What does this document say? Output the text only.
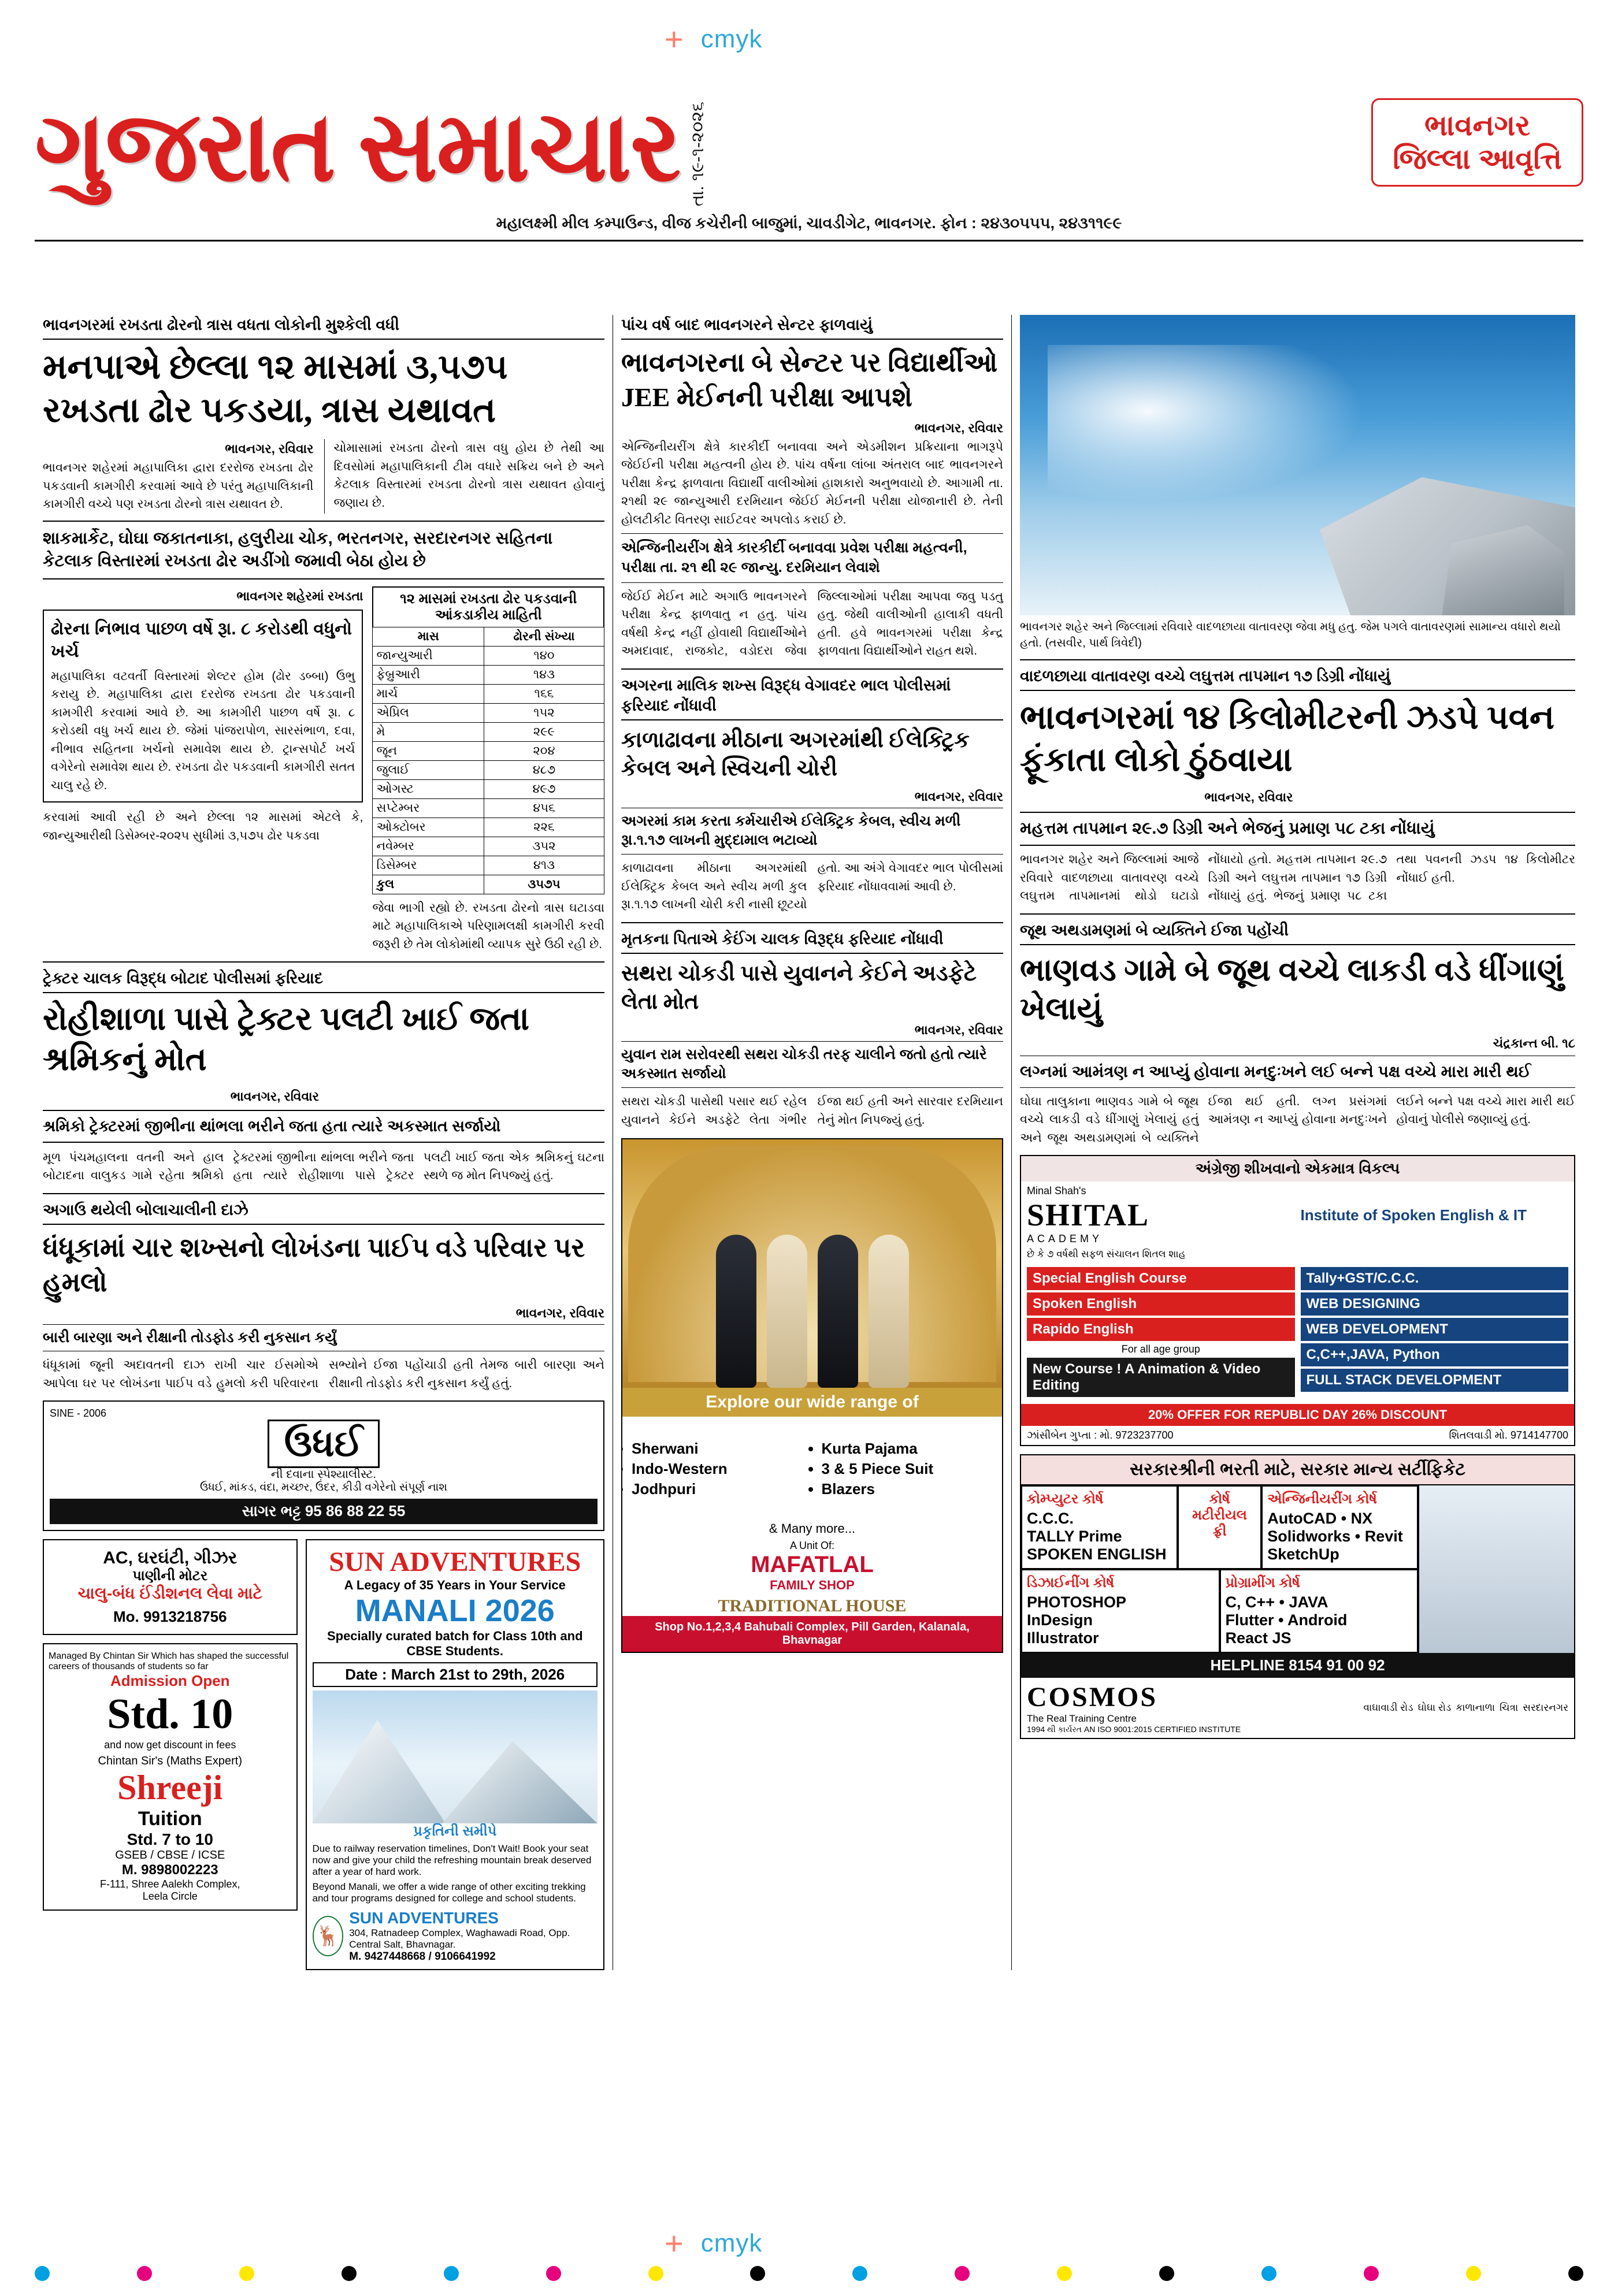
+ cmyk
+ cmyk
ગુજરાત સમાચાર તા. ૧૯-૧-૨૦૨૬	ભાવનગર
જિલ્લા આવૃત્તિ
મહાલક્ષ્મી મીલ કમ્પાઉન્ડ, વીજ કચેરીની બાજુમાં, ચાવડીગેટ, ભાવનગર. ફોન : ૨૪૩૦૫૫૫, ૨૪૩૧૧૯૯
ભાવનગરમાં રખડતા ઢોરનો ત્રાસ વધતા લોકોની મુશ્કેલી વધી
મનપાએ છેલ્લા ૧૨ માસમાં ૩,૫૭૫ રખડતા ઢોર પકડયા, ત્રાસ યથાવત
ભાવનગર, રવિવાર
ભાવનગર શહેરમાં મહાપાલિકા દ્વારા દરરોજ રખડતા ઢોર પકડવાની કામગીરી કરવામાં આવે છે પરંતુ મહાપાલિકાની કામગીરી વચ્ચે પણ રખડતા ઢોરનો ત્રાસ યથાવત છે.
ચોમાસામાં રખડતા ઢોરનો ત્રાસ વધુ હોય છે તેથી આ દિવસોમાં મહાપાલિકાની ટીમ વધારે સક્રિય બને છે અને કેટલાક વિસ્તારમાં રખડતા ઢોરનો ત્રાસ યથાવત હોવાનું જણાય છે.
શાકમાર્કેટ, ઘોઘા જકાતનાકા, હલુરીયા ચોક, ભરતનગર, સરદારનગર સહિતના કેટલાક વિસ્તારમાં રખડતા ઢોર અડીંગો જમાવી બેઠા હોય છે
ભાવનગર શહેરમાં રખડતા
ઢોરના નિભાવ પાછળ વર્ષે રૂા. ૮ કરોડથી વધુનો ખર્ચ
મહાપાલિકા વટવર્તી વિસ્તારમાં શેલ્ટર હોમ (ઢોર ડબ્બા) ઉભુ કરાયુ છે. મહાપાલિકા દ્વારા દરરોજ રખડતા ઢોર પકડવાની કામગીરી કરવામાં આવે છે. આ કામગીરી પાછળ વર્ષે રૂા. ૮ કરોડથી વધુ ખર્ચ થાય છે. જેમાં પાંજરાપોળ, સારસંભાળ, દવા, નીભાવ સહિતના ખર્ચનો સમાવેશ થાય છે. ટ્રાન્સપોર્ટ ખર્ચ વગેરેનો સમાવેશ થાય છે. રખડતા ઢોર પકડવાની કામગીરી સતત ચાલુ રહે છે.
કરવામાં આવી રહી છે અને છેલ્લા ૧૨ માસમાં એટલે કે, જાન્યુઆરીથી ડિસેમ્બર-૨૦૨૫ સુધીમાં ૩,૫૭૫ ઢોર પકડવા
૧૨ માસમાં રખડતા ઢોર પકડવાની આંકડાકીય માહિતી
માસ	ઢોરની સંખ્યા
જાન્યુઆરી	૧૪૦
ફેબ્રુઆરી	૧૪૩
માર્ચ	૧૬૬
એપ્રિલ	૧૫૨
મે	૨૯૯
જૂન	૨૦૪
જુલાઈ	૪૮૭
ઓગસ્ટ	૪૯૭
સપ્ટેમ્બર	૪૫૬
ઓક્ટોબર	૨૨૬
નવેમ્બર	૩૫૨
ડિસેમ્બર	૪૧૩
કુલ	૩૫૭૫
જેવા ભાગી રહ્યો છે. રખડતા ઢોરનો ત્રાસ ઘટાડવા માટે મહાપાલિકાએ પરિણામલક્ષી કામગીરી કરવી જરૂરી છે તેમ લોકોમાંથી વ્યાપક સુરે ઉઠી રહી છે.
ટ્રેક્ટર ચાલક વિરૂદ્ધ બોટાદ પોલીસમાં ફરિયાદ
રોહીશાળા પાસે ટ્રેક્ટર પલટી ખાઈ જતા શ્રમિકનું મોત
ભાવનગર, રવિવાર
શ્રમિકો ટ્રેક્ટરમાં જીભીના થાંભલા ભરીને જતા હતા ત્યારે અકસ્માત સર્જાયો
મૂળ પંચમહાલના વતની અને હાલ બોટાદના વાલુકડ ગામે રહેતા શ્રમિકો ટ્રેક્ટરમાં જીભીના થાંભલા ભરીને જતા હતા ત્યારે રોહીશાળા પાસે ટ્રેક્ટર પલટી ખાઈ જતા એક શ્રમિકનું ઘટના સ્થળે જ મોત નિપજ્યું હતું.
અગાઉ થયેલી બોલાચાલીની દાઝે
ધંધૂકામાં ચાર શખ્સનો લોખંડના પાઈપ વડે પરિવાર પર હુમલો
ભાવનગર, રવિવાર
બારી બારણા અને રીક્ષાની તોડફોડ કરી નુકસાન કર્યું
ધંધૂકામાં જૂની અદાવતની દાઝ રાખી ચાર ઈસમોએ આપેલા ઘર પર લોખંડના પાઈપ વડે હુમલો કરી પરિવારના સભ્યોને ઈજા પહોંચાડી હતી તેમજ બારી બારણા અને રીક્ષાની તોડફોડ કરી નુકસાન કર્યું હતું.
SINE - 2006
ઉધઈ
ની દવાના સ્પેશ્યાલીસ્ટ.
ઉધઈ, માંકડ, વંદા, મચ્છર, ઉંદર, કીડી વગેરેનો સંપૂર્ણ નાશ
સાગર ભટ્ટ 95 86 88 22 55
AC, ઘરઘંટી, ગીઝર
પાણીની મોટર
ચાલુ-બંધ ઈંડીશનલ લેવા માટે
Mo. 9913218756
Managed By Chintan Sir Which has shaped the successful careers of thousands of students so far
Admission Open
Std. 10
and now get discount in fees
Chintan Sir's (Maths Expert)
Shreeji
Tuition
Std. 7 to 10
GSEB / CBSE / ICSE
M. 9898002223
F-111, Shree Aalekh Complex,
Leela Circle
SUN ADVENTURES
A Legacy of 35 Years in Your Service
MANALI 2026
Specially curated batch for Class 10th and CBSE Students.
Date : March 21st to 29th, 2026
પ્રકૃતિની સમીપે
Due to railway reservation timelines, Don't Wait! Book your seat now and give your child the refreshing mountain break deserved after a year of hard work.
Beyond Manali, we offer a wide range of other exciting trekking and tour programs designed for college and school students.
🦌
SUN ADVENTURES
304, Ratnadeep Complex, Waghawadi Road, Opp. Central Salt, Bhavnagar.
M. 9427448668 / 9106641992
પાંચ વર્ષ બાદ ભાવનગરને સેન્ટર ફાળવાયું
ભાવનગરના બે સેન્ટર પર વિદ્યાર્થીઓ JEE મેઈનની પરીક્ષા આપશે
ભાવનગર, રવિવાર
એન્જિનીયરીંગ ક્ષેત્રે કારકીર્દી બનાવવા અને એડમીશન પ્રક્રિયાના ભાગરૂપે જેઈઈની પરીક્ષા મહત્વની હોય છે. પાંચ વર્ષના લાંબા અંતરાલ બાદ ભાવનગરને પરીક્ષા કેન્દ્ર ફાળવાતા વિદ્યાર્થી વાલીઓમાં હાશકારો અનુભવાયો છે. આગામી તા. ૨૧થી ૨૯ જાન્યુઆરી દરમિયાન જેઈઈ મેઈનની પરીક્ષા યોજાનારી છે. તેની હોલટીકીટ વિતરણ સાઈટવર અપલોડ કરાઈ છે.
એન્જિનીયરીંગ ક્ષેત્રે કારકીર્દી બનાવવા પ્રવેશ પરીક્ષા મહત્વની, પરીક્ષા તા. ૨૧ થી ૨૯ જાન્યુ. દરમિયાન લેવાશે
જેઈઈ મેઈન માટે અગાઉ ભાવનગરને પરીક્ષા કેન્દ્ર ફાળવાતુ ન હતુ. પાંચ વર્ષથી કેન્દ્ર નહીં હોવાથી વિદ્યાર્થીઓને અમદાવાદ, રાજકોટ, વડોદરા જેવા જિલ્લાઓમાં પરીક્ષા આપવા જવુ પડતુ હતુ. જેથી વાલીઓની હાલાકી વધતી હતી. હવે ભાવનગરમાં પરીક્ષા કેન્દ્ર ફાળવાતા વિદ્યાર્થીઓને રાહત થશે.
અગરના માલિક શખ્સ વિરૂદ્ધ વેગાવદર ભાલ પોલીસમાં ફરિયાદ નોંધાવી
કાળાઢાવના મીઠાના અગરમાંથી ઈલેક્ટ્રિક કેબલ અને સ્વિચની ચોરી
ભાવનગર, રવિવાર
અગરમાં કામ કરતા કર્મચારીએ ઈલેક્ટ્રિક કેબલ, સ્વીચ મળી રૂ।.૧.૧૭ લાખની મુદ્દામાલ ભટાવ્યો
કાળાઢાવના મીઠાના અગરમાંથી ઈલેક્ટ્રિક કેબલ અને સ્વીચ મળી કુલ રૂ।.૧.૧૭ લાખની ચોરી કરી નાસી છૂટયો હતો. આ અંગે વેગાવદર ભાલ પોલીસમાં ફરિયાદ નોંધાવવામાં આવી છે.
મૃતકના પિતાએ કેઈંગ ચાલક વિરૂદ્ધ ફરિયાદ નોંધાવી
સથરા ચોકડી પાસે યુવાનને કેઈને અડફેટે લેતા મોત
ભાવનગર, રવિવાર
યુવાન રામ સરોવરથી સથરા ચોકડી તરફ ચાલીને જતો હતો ત્યારે અકસ્માત સર્જાયો
સથરા ચોકડી પાસેથી પસાર થઈ રહેલ યુવાનને કેઈને અડફેટે લેતા ગંભીર ઈજા થઈ હતી અને સારવાર દરમિયાન તેનું મોત નિપજ્યું હતું.
Explore our wide range of
• Sherwani
• Indo-Western
• Jodhpuri
• Kurta Pajama
• 3 & 5 Piece Suit
• Blazers
& Many more...
A Unit Of:
MAFATLAL
FAMILY SHOP
TRADITIONAL HOUSE
Shop No.1,2,3,4 Bahubali Complex, Pill Garden, Kalanala, Bhavnagar
ભાવનગર શહેર અને જિલ્લામાં રવિવારે વાદળછાયા વાતાવરણ જેવા મધુ હતુ. જેમ પગલે વાતાવરણમાં સામાન્ય વધારો થયો હતો. (તસવીર, પાર્થ ત્રિવેદી)
વાદળછાયા વાતાવરણ વચ્ચે લઘુત્તમ તાપમાન ૧૭ ડિગ્રી નોંધાયું
ભાવનગરમાં ૧૪ કિલોમીટરની ઝડપે પવન ફૂંકાતા લોકો ઠુંઠવાયા
ભાવનગર, રવિવાર
મહત્તમ તાપમાન ૨૯.૭ ડિગ્રી અને ભેજનું પ્રમાણ ૫૮ ટકા નોંધાયું
ભાવનગર શહેર અને જિલ્લામાં આજે રવિવારે વાદળછાયા વાતાવરણ વચ્ચે લઘુત્તમ તાપમાનમાં થોડો ઘટાડો નોંધાયો હતો. મહત્તમ તાપમાન ૨૯.૭ ડિગ્રી અને લઘુત્તમ તાપમાન ૧૭ ડિગ્રી નોંધાયું હતું. ભેજનું પ્રમાણ ૫૮ ટકા તથા પવનની ઝડપ ૧૪ કિલોમીટર નોંધાઈ હતી.
જૂથ અથડામણમાં બે વ્યક્તિને ઈજા પહોંચી
ભાણવડ ગામે બે જૂથ વચ્ચે લાકડી વડે ધીંગાણું ખેલાયું
ચંદ્રકાન્ત બી. ૧૮
લગ્નમાં આમંત્રણ ન આપ્યું હોવાના મનદુઃખને લઈ બન્ને પક્ષ વચ્ચે મારા મારી થઈ
ઘોઘા તાલુકાના ભાણવડ ગામે બે જૂથ વચ્ચે લાકડી વડે ધીંગાણું ખેલાયું હતું અને જૂથ અથડામણમાં બે વ્યક્તિને ઈજા થઈ હતી. લગ્ન પ્રસંગમાં આમંત્રણ ન આપ્યું હોવાના મનદુઃખને લઈને બન્ને પક્ષ વચ્ચે મારા મારી થઈ હોવાનું પોલીસે જણાવ્યું હતું.
અંગ્રેજી શીખવાનો એકમાત્ર વિકલ્પ
Minal Shah's
SHITAL
ACADEMY
Institute of Spoken English & IT
છે કે ૭ વર્ષથી સફળ સંચાલન શિતલ શાહ
Special English Course
Spoken English
Rapido English
For all age group
New Course ! A Animation & Video Editing
Tally+GST/C.C.C.
WEB DESIGNING
WEB DEVELOPMENT
C,C++,JAVA, Python
FULL STACK DEVELOPMENT
20% OFFER FOR REPUBLIC DAY 26% DISCOUNT
ઝાંસીબેન ગુપ્તા : મો. 9723237700	શિતલવાડી મો. 9714147700
સરકારશ્રીની ભરતી માટે, સરકાર માન્ય સર્ટીફિકેટ
કોમ્પ્યુટર કોર્ષ
C.C.C.
TALLY Prime
SPOKEN ENGLISH
કોર્ષ મટીરીયલ ફ્રી
એન્જિનીયરીંગ કોર્ષ
AutoCAD • NX
Solidworks • Revit
SketchUp
ડિઝાઈનીંગ કોર્ષ
PHOTOSHOP
InDesign
Illustrator
પ્રોગ્રામીંગ કોર્ષ
C, C++ • JAVA
Flutter • Android
React JS
HELPLINE 8154 91 00 92
COSMOS
The Real Training Centre
1994 થી કાર્યરત AN ISO 9001:2015 CERTIFIED INSTITUTE
વાઘાવાડી રોડ ઘોઘા રોડ કાળાનાળા ચિત્રા સરદારનગર
